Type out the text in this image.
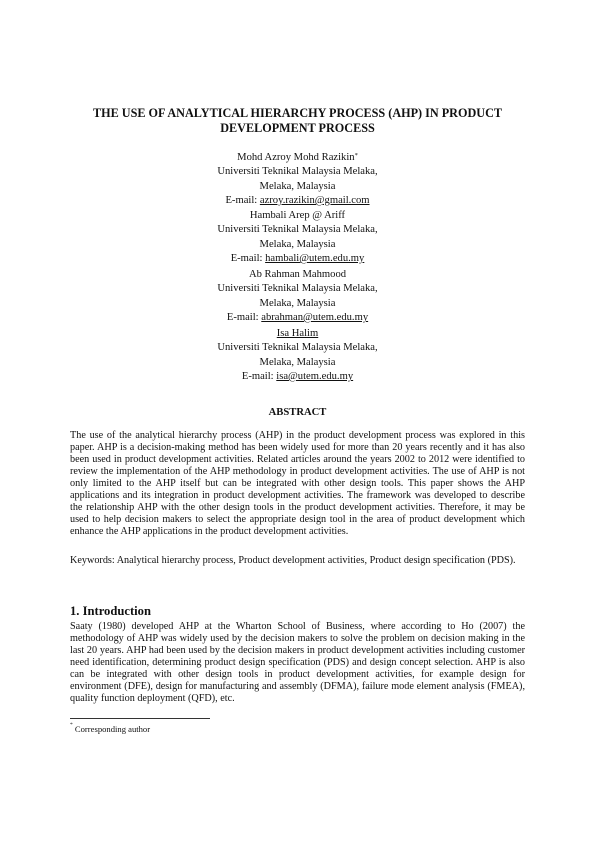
THE USE OF ANALYTICAL HIERARCHY PROCESS (AHP) IN PRODUCT DEVELOPMENT PROCESS
Mohd Azroy Mohd Razikin*
Universiti Teknikal Malaysia Melaka,
Melaka, Malaysia
E-mail: azroy.razikin@gmail.com
Hambali Arep @ Ariff
Universiti Teknikal Malaysia Melaka,
Melaka, Malaysia
E-mail: hambali@utem.edu.my
Ab Rahman Mahmood
Universiti Teknikal Malaysia Melaka,
Melaka, Malaysia
E-mail: abrahman@utem.edu.my
Isa Halim
Universiti Teknikal Malaysia Melaka,
Melaka, Malaysia
E-mail: isa@utem.edu.my
ABSTRACT

The use of the analytical hierarchy process (AHP) in the product development process was explored in this paper. AHP is a decision-making method has been widely used for more than 20 years recently and it has also been used in product development activities. Related articles around the years 2002 to 2012 were identified to review the implementation of the AHP methodology in product development activities. The use of AHP is not only limited to the AHP itself but can be integrated with other design tools. This paper shows the AHP applications and its integration in product development activities. The framework was developed to describe the relationship AHP with the other design tools in the product development activities. Therefore, it may be used to help decision makers to select the appropriate design tool in the area of product development which enhance the AHP applications in the product development activities.

Keywords: Analytical hierarchy process, Product development activities, Product design specification (PDS).

1. Introduction

Saaty (1980) developed AHP at the Wharton School of Business, where according to Ho (2007) the methodology of AHP was widely used by the decision makers to solve the problem on decision making in the last 20 years. AHP had been used by the decision makers in product development activities including customer need identification, determining product design specification (PDS) and design concept selection. AHP is also can be integrated with other design tools in product development activities, for example design for environment (DFE), design for manufacturing and assembly (DFMA), failure mode element analysis (FMEA), quality function deployment (QFD), etc.

* Corresponding author
